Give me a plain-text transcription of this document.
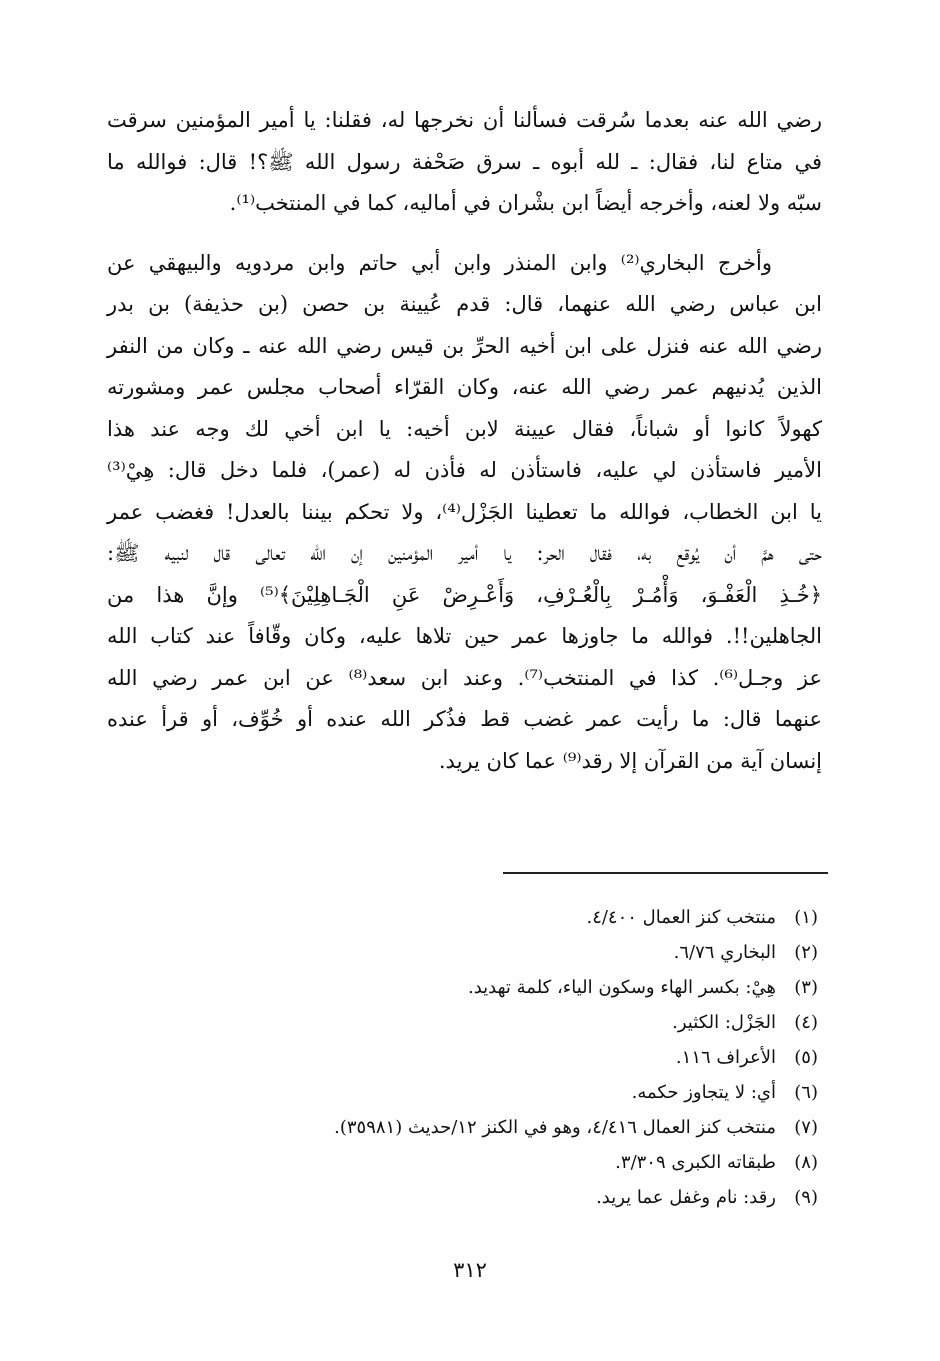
رضي الله عنه بعدما سُرقت فسألنا أن نخرجها له، فقلنا: يا أمير المؤمنين سرقت
في متاع لنا، فقال: ـ لله أبوه ـ سرق صَحْفة رسول الله ﷺ؟! قال: فوالله ما
سبّه ولا لعنه، وأخرجه أيضاً ابن بشْران في أماليه، كما في المنتخب⁽¹⁾.

وأخرج البخاري⁽²⁾ وابن المنذر وابن أبي حاتم وابن مردويه والبيهقي عن
ابن عباس رضي الله عنهما، قال: قدم عُيينة بن حصن (بن حذيفة) بن بدر
رضي الله عنه فنزل على ابن أخيه الحرِّ بن قيس رضي الله عنه ـ وكان من النفر
الذين يُدنيهم عمر رضي الله عنه، وكان القرّاء أصحاب مجلس عمر ومشورته
كهولاً كانوا أو شباناً، فقال عيينة لابن أخيه: يا ابن أخي لك وجه عند هذا
الأمير فاستأذن لي عليه، فاستأذن له فأذن له (عمر)، فلما دخل قال: هِيْ⁽³⁾
يا ابن الخطاب، فوالله ما تعطينا الجَزْل⁽⁴⁾، ولا تحكم بيننا بالعدل! فغضب عمر
حتى همَّ أن يُوقع به، فقال الحر: يا أمير المؤمنين إن الله تعالى قال لنبيه ﷺ:
﴿خُـذِ الْعَفْـوَ، وَأْمُـرْ بِالْعُـرْفِ، وَأَعْـرِضْ عَنِ الْجَـاهِلِيْنَ﴾⁽⁵⁾ وإنَّ هذا من
الجاهلين!!. فوالله ما جاوزها عمر حين تلاها عليه، وكان وقّافاً عند كتاب الله
عز وجـل⁽⁶⁾. كذا في المنتخب⁽⁷⁾. وعند ابن سعد⁽⁸⁾ عن ابن عمر رضي الله
عنهما قال: ما رأيت عمر غضب قط فذُكر الله عنده أو خُوِّف، أو قرأ عنده
إنسان آية من القرآن إلا رقد⁽⁹⁾ عما كان يريد.

(١)منتخب كنز العمال ٤/٤٠٠.
(٢)البخاري ٦/٧٦.
(٣)هِيْ: بكسر الهاء وسكون الياء، كلمة تهديد.
(٤)الجَزْل: الكثير.
(٥)الأعراف ١١٦.
(٦)أي: لا يتجاوز حكمه.
(٧)منتخب كنز العمال ٤/٤١٦، وهو في الكنز ١٢/حديث (٣٥٩٨١).
(٨)طبقاته الكبرى ٣/٣٠٩.
(٩)رقد: نام وغفل عما يريد.
٣١٢
